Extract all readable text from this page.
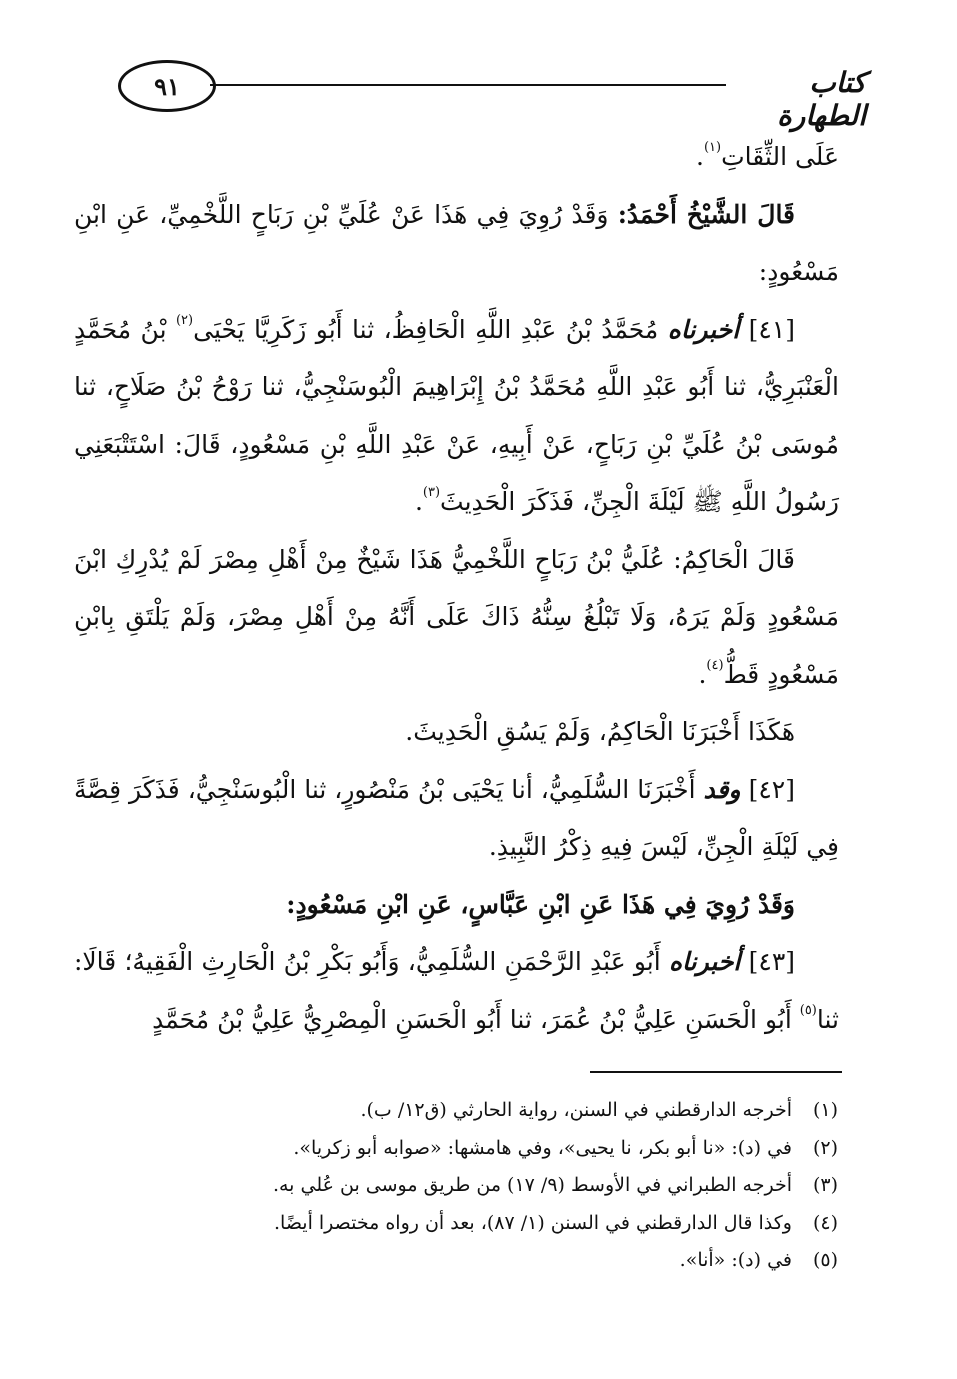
٩١	كتاب الطهارة

عَلَى الثِّقَاتِ$^{(١)}$.

قَالَ الشَّيْخُ أَحْمَدُ: وَقَدْ رُوِيَ فِي هَذَا عَنْ عُلَيِّ بْنِ رَبَاحٍ اللَّخْمِيِّ، عَنِ ابْنِ مَسْعُودٍ:

[٤١] أخبرناه مُحَمَّدُ بْنُ عَبْدِ اللَّهِ الْحَافِظُ، ثنا أَبُو زَكَرِيَّا يَحْيَى$^{(٢)}$ بْنُ مُحَمَّدٍ الْعَنْبَرِيُّ، ثنا أَبُو عَبْدِ اللَّهِ مُحَمَّدُ بْنُ إِبْرَاهِيمَ الْبُوسَنْجِيُّ، ثنا رَوْحُ بْنُ صَلَاحٍ، ثنا مُوسَى بْنُ عُلَيِّ بْنِ رَبَاحٍ، عَنْ أَبِيهِ، عَنْ عَبْدِ اللَّهِ بْنِ مَسْعُودٍ، قَالَ: اسْتَتْبَعَنِي رَسُولُ اللَّهِ ﷺ لَيْلَةَ الْجِنِّ، فَذَكَرَ الْحَدِيثَ$^{(٣)}$.

قَالَ الْحَاكِمُ: عُلَيُّ بْنُ رَبَاحٍ اللَّخْمِيُّ هَذَا شَيْخٌ مِنْ أَهْلِ مِصْرَ لَمْ يُدْرِكِ ابْنَ مَسْعُودٍ وَلَمْ يَرَهُ، وَلَا تَبْلُغُ سِنُّهُ ذَاكَ عَلَى أَنَّهُ مِنْ أَهْلِ مِصْرَ، وَلَمْ يَلْتَقِ بِابْنِ مَسْعُودٍ قَطُّ$^{(٤)}$.

هَكَذَا أَخْبَرَنَا الْحَاكِمُ، وَلَمْ يَسُقِ الْحَدِيثَ.

[٤٢] وقد أَخْبَرَنَا السُّلَمِيُّ، أنا يَحْيَى بْنُ مَنْصُورٍ، ثنا الْبُوسَنْجِيُّ، فَذَكَرَ قِصَّةً فِي لَيْلَةِ الْجِنِّ، لَيْسَ فِيهِ ذِكْرُ النَّبِيذِ.

وَقَدْ رُوِيَ فِي هَذَا عَنِ ابْنِ عَبَّاسٍ، عَنِ ابْنِ مَسْعُودٍ:

[٤٣] أخبرناه أَبُو عَبْدِ الرَّحْمَنِ السُّلَمِيُّ، وَأَبُو بَكْرِ بْنُ الْحَارِثِ الْفَقِيهُ؛ قَالَا: ثنا$^{(٥)}$ أَبُو الْحَسَنِ عَلِيُّ بْنُ عُمَرَ، ثنا أَبُو الْحَسَنِ الْمِصْرِيُّ عَلِيُّ بْنُ مُحَمَّدٍ

(١)أخرجه الدارقطني في السنن، رواية الحارثي (ق١٢/ ب).

(٢)في (د): «نا أبو بكر، نا يحيى»، وفي هامشها: «صوابه أبو زكريا».

(٣)أخرجه الطبراني في الأوسط (٩/ ١٧) من طريق موسى بن عُلي به.

(٤)وكذا قال الدارقطني في السنن (١/ ٨٧)، بعد أن رواه مختصرا أيضًا.

(٥)في (د): «أنا».
